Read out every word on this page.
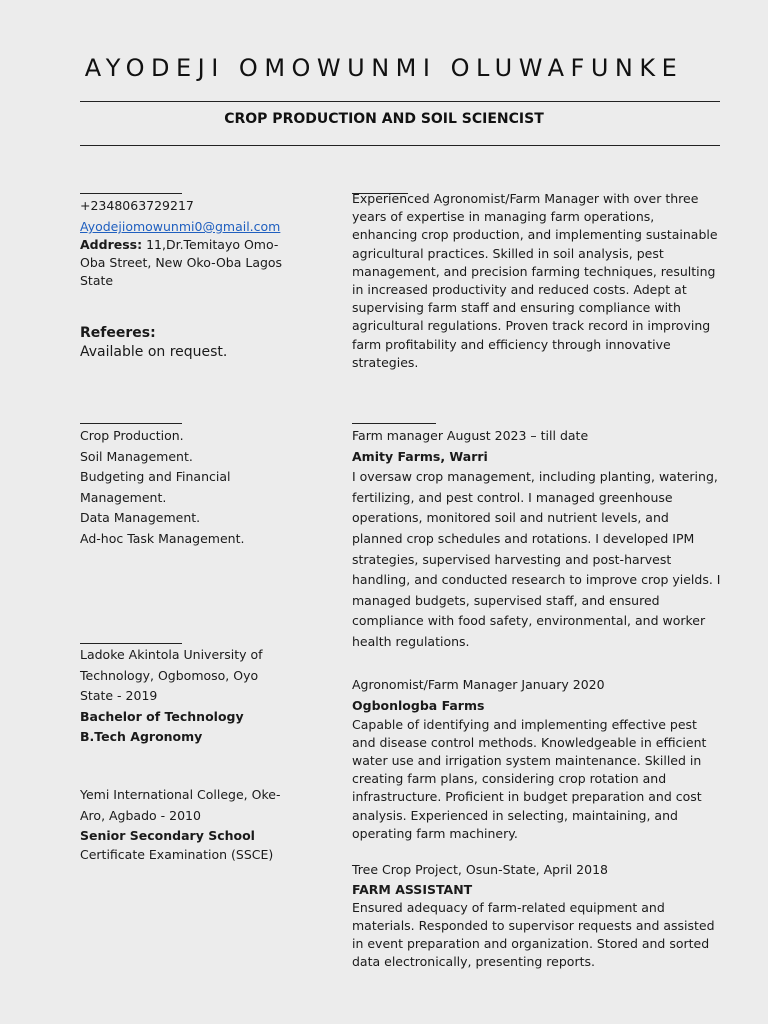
AYODEJI OMOWUNMI OLUWAFUNKE
CROP PRODUCTION AND SOIL SCIENCIST

+2348063729217

Ayodejiomowunmi0@gmail.com

Address: 11,Dr.Temitayo Omo-Oba Street, New Oko-Oba Lagos State

Refeeres:

Available on request.

Crop Production.

Soil Management.

Budgeting and Financial Management.

Data Management.

Ad-hoc Task Management.

Ladoke Akintola University of Technology, Ogbomoso, Oyo State - 2019

Bachelor of Technology

B.Tech Agronomy

Yemi International College, Oke-Aro, Agbado - 2010

Senior Secondary School

Certificate Examination (SSCE)

Experienced Agronomist/Farm Manager with over three years of expertise in managing farm operations, enhancing crop production, and implementing sustainable agricultural practices. Skilled in soil analysis, pest management, and precision farming techniques, resulting in increased productivity and reduced costs. Adept at supervising farm staff and ensuring compliance with agricultural regulations. Proven track record in improving farm profitability and efficiency through innovative strategies.

Farm manager August 2023 – till date

Amity Farms, Warri

I oversaw crop management, including planting, watering, fertilizing, and pest control. I managed greenhouse operations, monitored soil and nutrient levels, and planned crop schedules and rotations. I developed IPM strategies, supervised harvesting and post-harvest handling, and conducted research to improve crop yields. I managed budgets, supervised staff, and ensured compliance with food safety, environmental, and worker health regulations.

Agronomist/Farm Manager January 2020

Ogbonlogba Farms

Capable of identifying and implementing effective pest and disease control methods. Knowledgeable in efficient water use and irrigation system maintenance. Skilled in creating farm plans, considering crop rotation and infrastructure. Proficient in budget preparation and cost analysis. Experienced in selecting, maintaining, and operating farm machinery.

Tree Crop Project, Osun-State, April 2018

FARM ASSISTANT

Ensured adequacy of farm-related equipment and materials. Responded to supervisor requests and assisted in event preparation and organization. Stored and sorted data electronically, presenting reports.
